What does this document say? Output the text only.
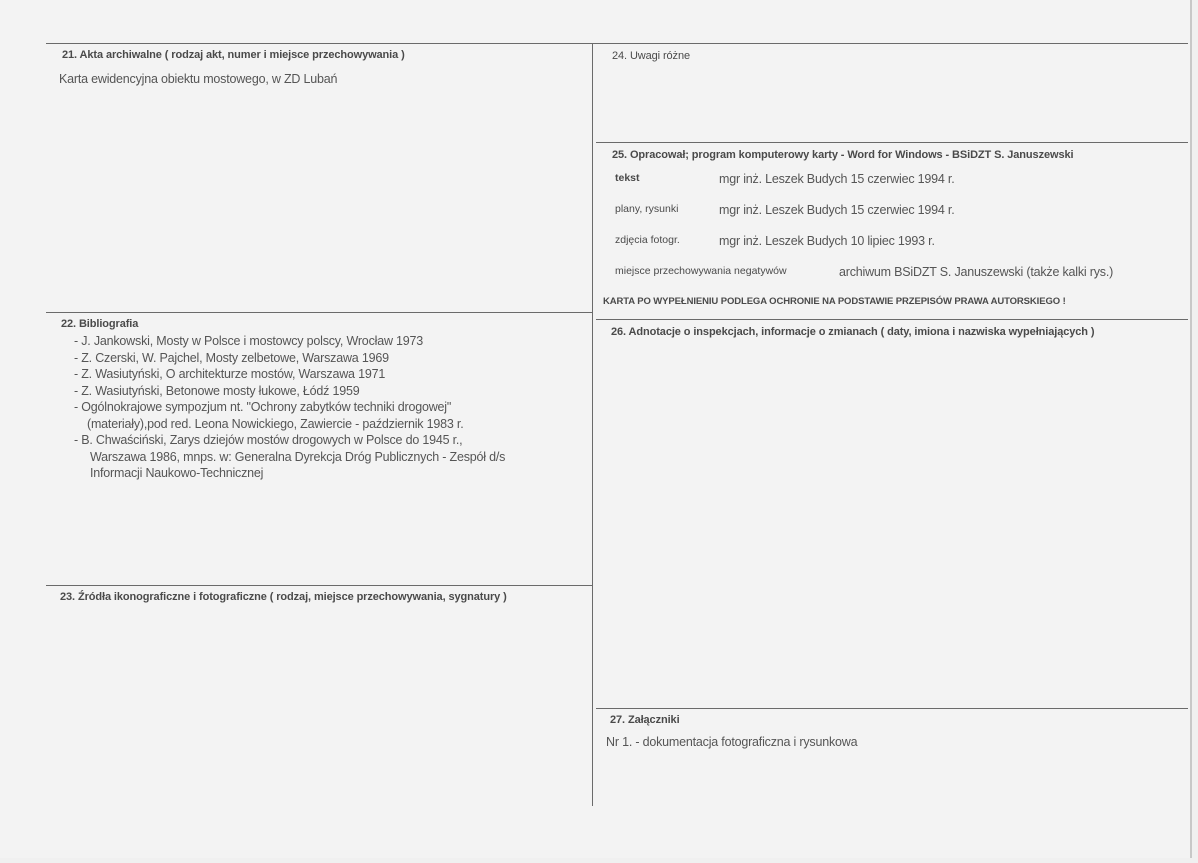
21. Akta archiwalne ( rodzaj akt, numer i miejsce przechowywania )
Karta ewidencyjna obiektu mostowego, w ZD Lubań
22. Bibliografia
- J. Jankowski, Mosty w Polsce i mostowcy polscy, Wrocław 1973
- Z. Czerski, W. Pajchel, Mosty zelbetowe, Warszawa 1969
- Z. Wasiutyński, O architekturze mostów, Warszawa 1971
- Z. Wasiutyński, Betonowe mosty łukowe, Łódź 1959
- Ogólnokrajowe sympozjum nt. "Ochrony zabytków techniki drogowej"
(materiały),pod red. Leona Nowickiego, Zawiercie - październik 1983 r.
- B. Chwaściński, Zarys dziejów mostów drogowych w Polsce do 1945 r.,
Warszawa 1986, mnps. w: Generalna Dyrekcja Dróg Publicznych - Zespół d/s
Informacji Naukowo-Technicznej
23. Źródła ikonograficzne i fotograficzne ( rodzaj, miejsce przechowywania, sygnatury )
24. Uwagi różne
25. Opracował; program komputerowy karty - Word for Windows - BSiDZT S. Januszewski
tekst	mgr inż. Leszek Budych 15 czerwiec 1994 r.
plany, rysunki	mgr inż. Leszek Budych 15 czerwiec 1994 r.
zdjęcia fotogr.	mgr inż. Leszek Budych 10 lipiec 1993 r.
miejsce przechowywania negatywów	archiwum BSiDZT S. Januszewski (także kalki rys.)
KARTA PO WYPEŁNIENIU PODLEGA OCHRONIE NA PODSTAWIE PRZEPISÓW PRAWA AUTORSKIEGO !
26. Adnotacje o inspekcjach, informacje o zmianach ( daty, imiona i nazwiska wypełniających )
27. Załączniki
Nr 1. - dokumentacja fotograficzna i rysunkowa
